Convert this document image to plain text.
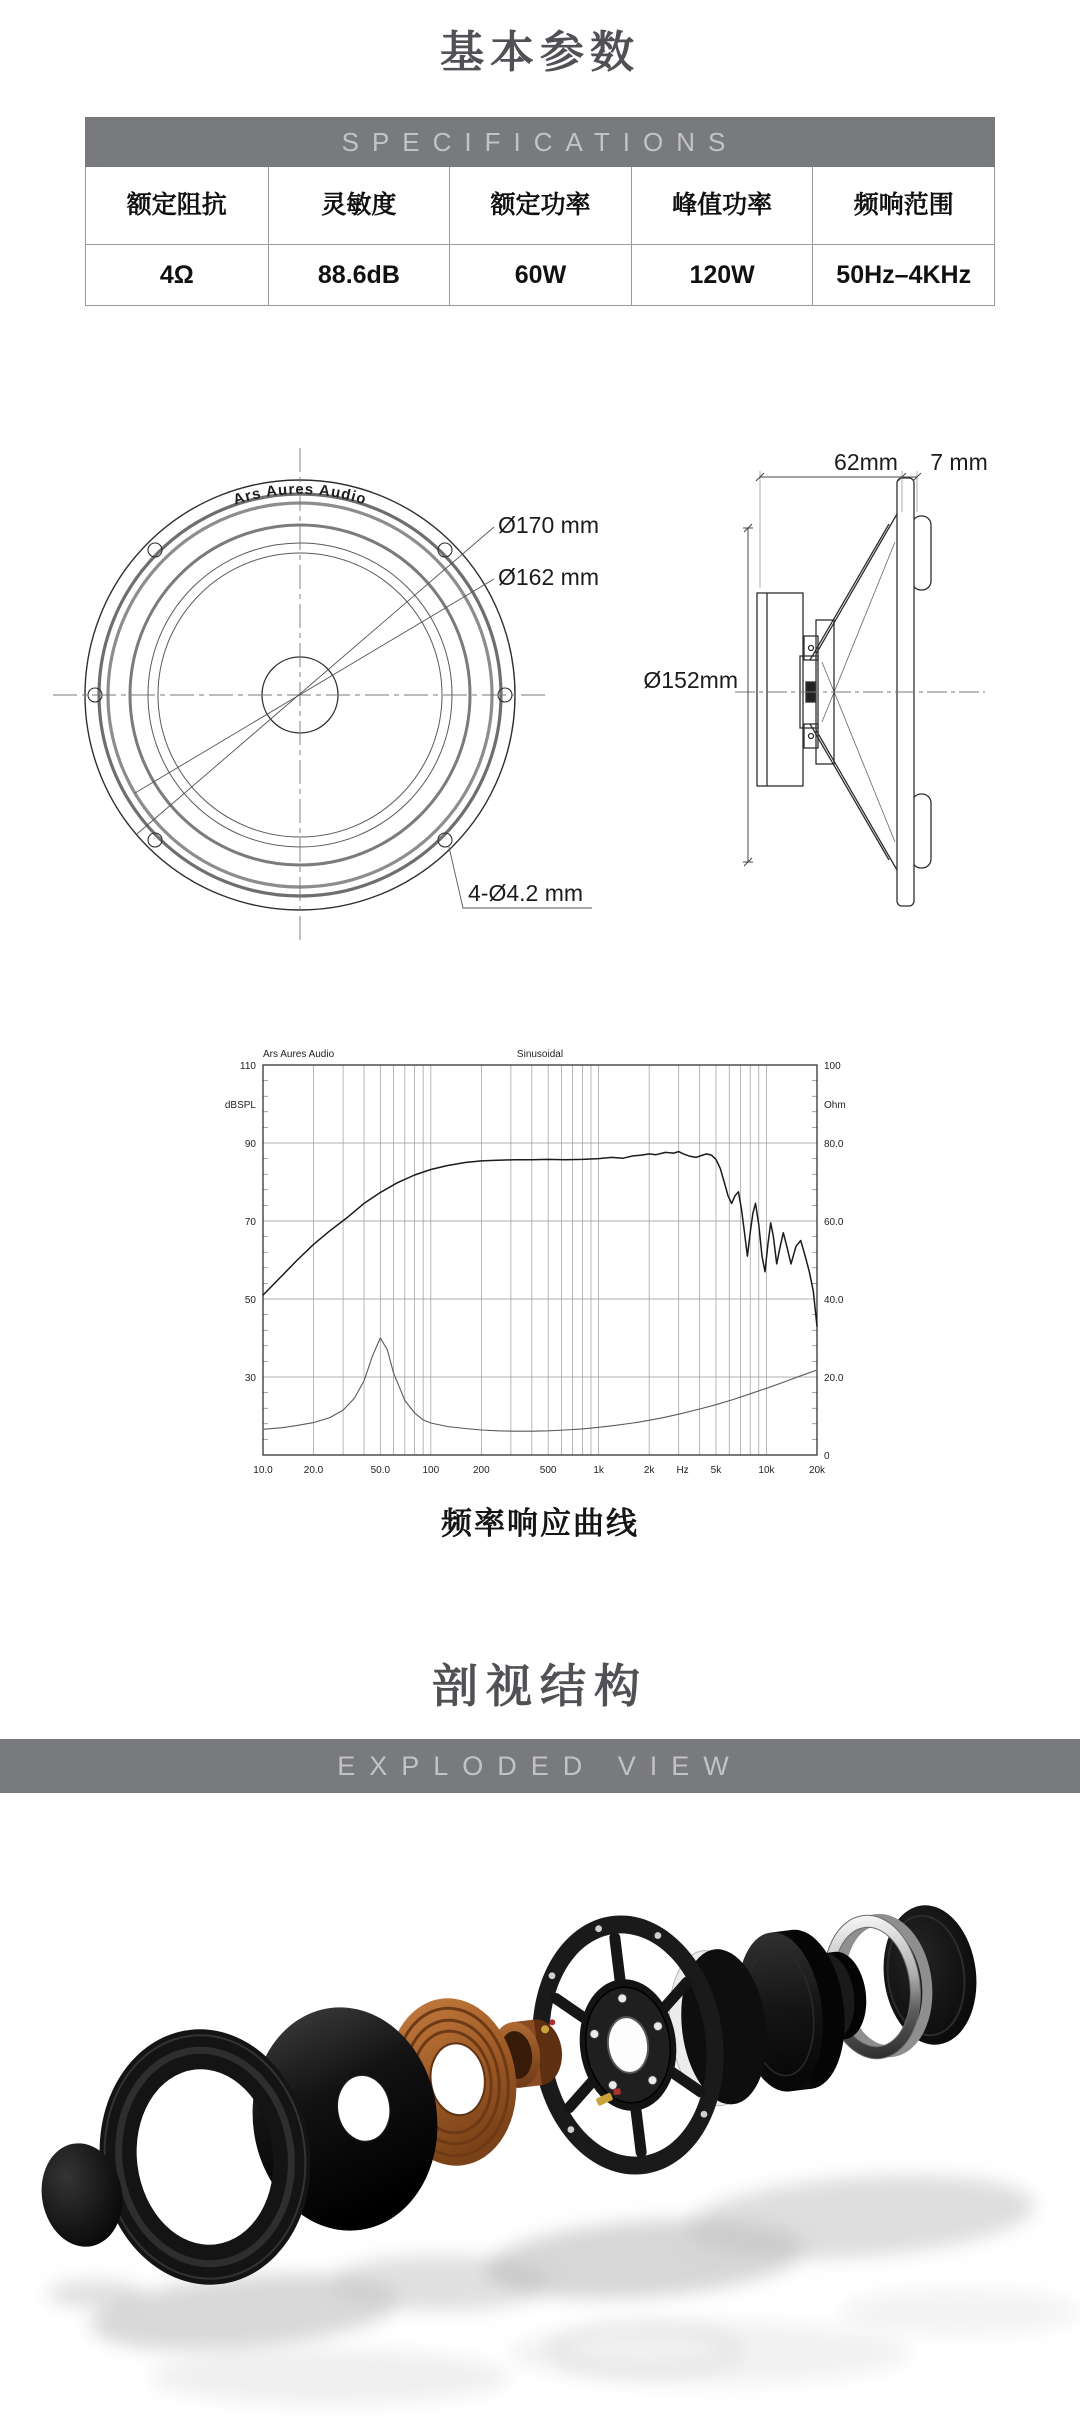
基本参数
SPECIFICATIONS
额定阻抗	灵敏度	额定功率	峰值功率	频响范围
4Ω	88.6dB	60W	120W	50Hz–4KHz
Ars Aures Audio
Ø170 mm
Ø162 mm
4-Ø4.2 mm
62mm 7 mm
Ø152mm
Ars Aures Audio	Sinusoidal
110
90
70
50
30
dBSPL
100
80.0
60.0
40.0
20.0
0
Ohm
10.0	20.0	50.0	100	200	500	1k	2k	5k	10k	20k
Hz
频率响应曲线
剖视结构
EXPLODED VIEW
